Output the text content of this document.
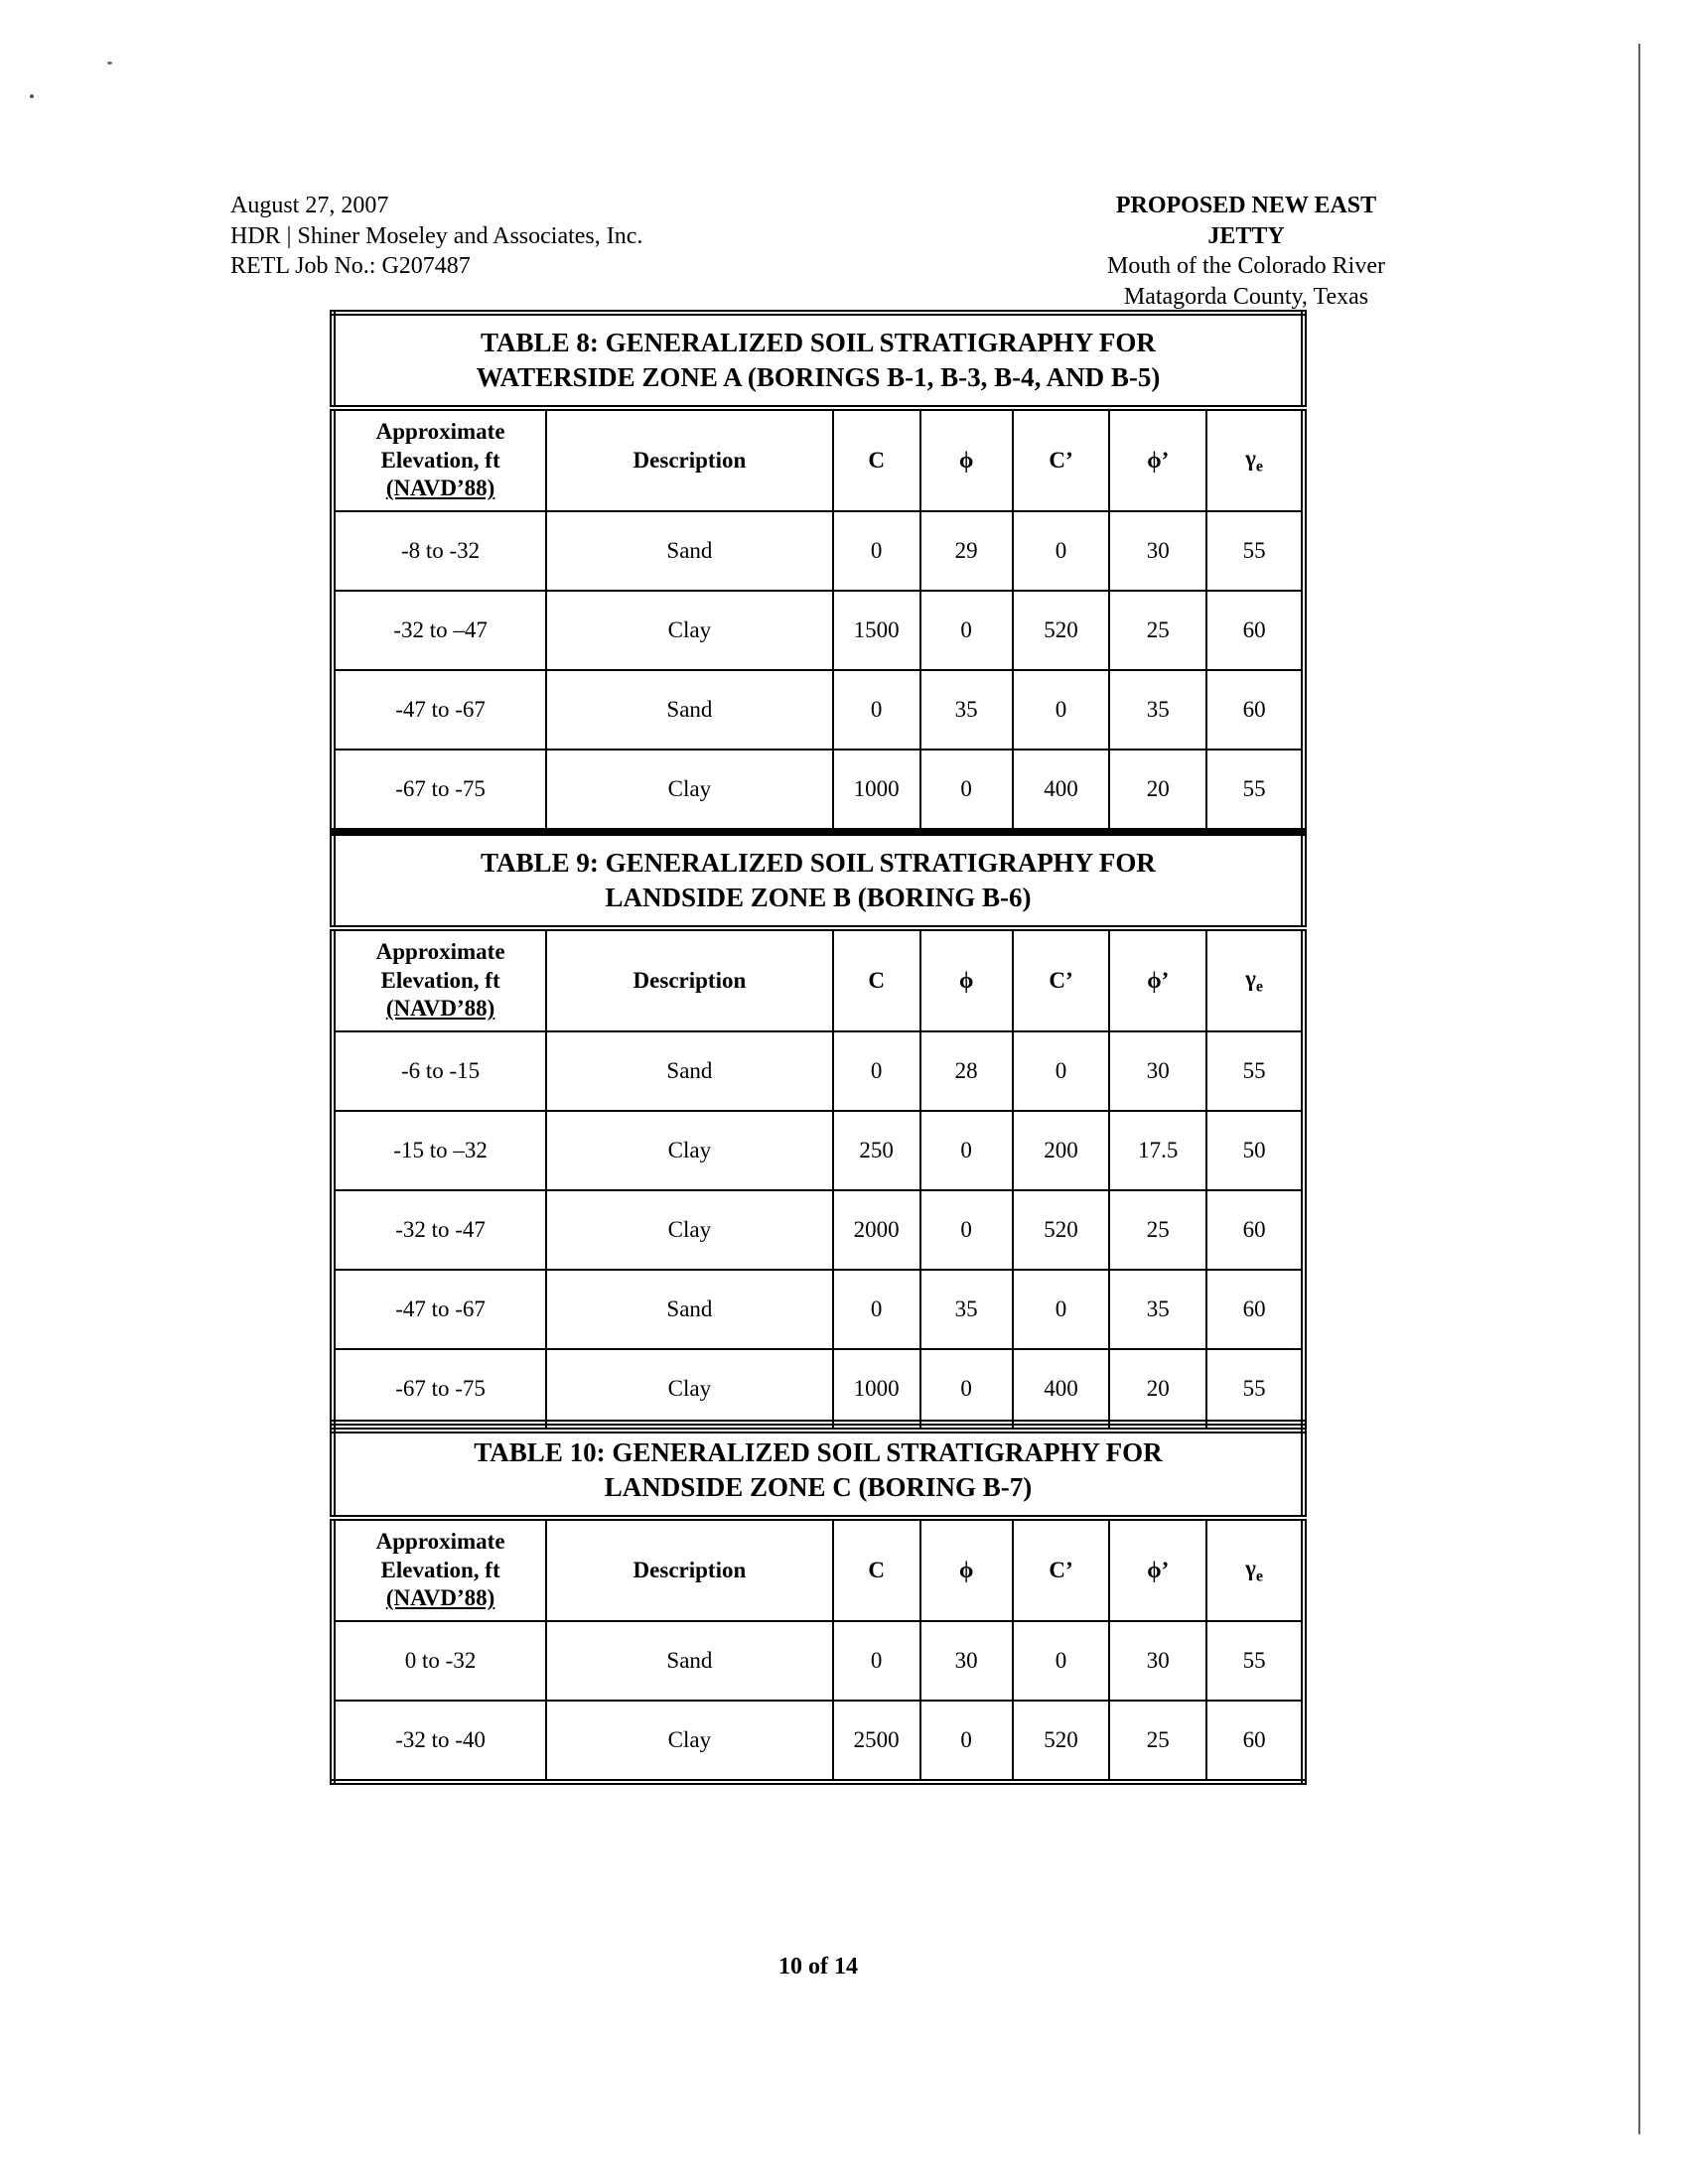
August 27, 2007
HDR | Shiner Moseley and Associates, Inc.
RETL Job No.: G207487
PROPOSED NEW EAST JETTY
Mouth of the Colorado River
Matagorda County, Texas
TABLE 8: GENERALIZED SOIL STRATIGRAPHY FOR
WATERSIDE ZONE A (BORINGS B-1, B-3, B-4, AND B-5)						

Approximate
Elevation, ft
(NAVD’88)	Description	C	ϕ	C’	ϕ’	$\gamma_e$
-8 to -32	Sand	0	29	0	30	55
-32 to –47	Clay	1500	0	520	25	60
-47 to -67	Sand	0	35	0	35	60
-67 to -75	Clay	1000	0	400	20	55
TABLE 9: GENERALIZED SOIL STRATIGRAPHY FOR
LANDSIDE ZONE B (BORING B-6)						

Approximate
Elevation, ft
(NAVD’88)	Description	C	ϕ	C’	ϕ’	$\gamma_e$
-6 to -15	Sand	0	28	0	30	55
-15 to –32	Clay	250	0	200	17.5	50
-32 to -47	Clay	2000	0	520	25	60
-47 to -67	Sand	0	35	0	35	60
-67 to -75	Clay	1000	0	400	20	55
TABLE 10: GENERALIZED SOIL STRATIGRAPHY FOR
LANDSIDE ZONE C (BORING B-7)						

Approximate
Elevation, ft
(NAVD’88)	Description	C	ϕ	C’	ϕ’	$\gamma_e$
0 to -32	Sand	0	30	0	30	55
-32 to -40	Clay	2500	0	520	25	60
10 of 14
